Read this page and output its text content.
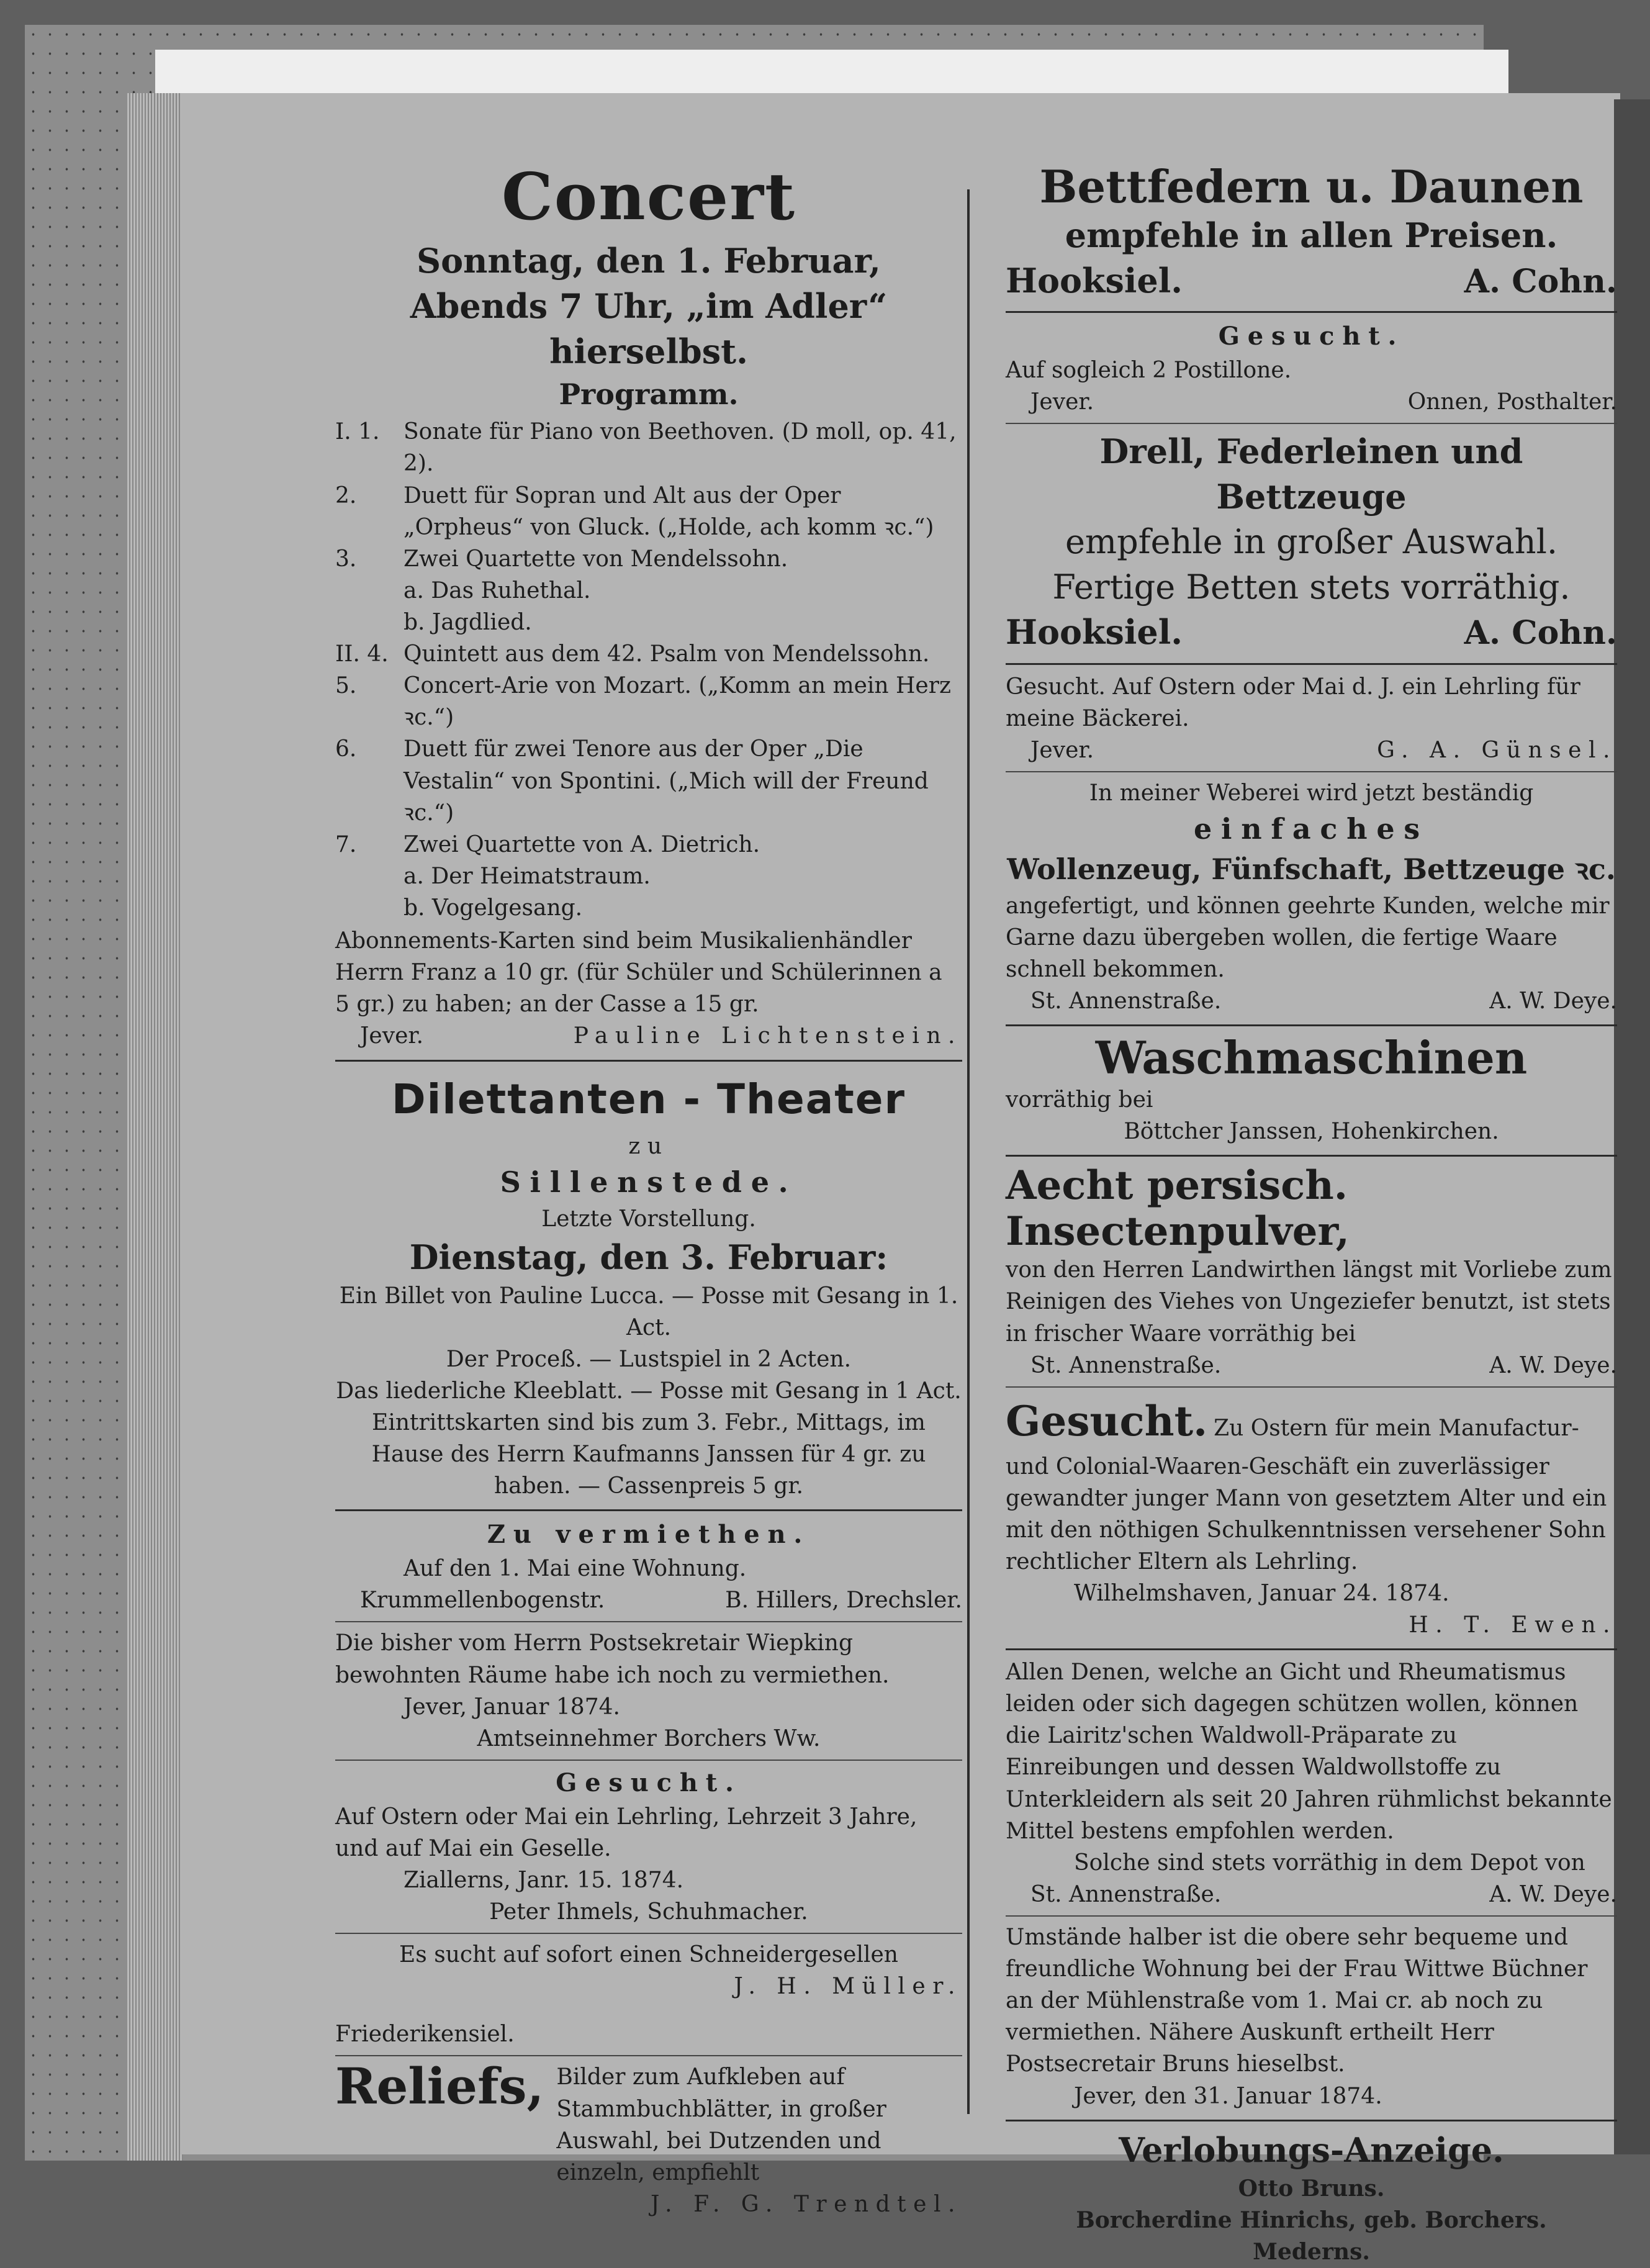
Concert
Sonntag, den 1. Februar,
Abends 7 Uhr, „im Adler“
hierselbst.
Programm.
I. 1.	Sonate für Piano von Beethoven. (D moll, op. 41, 2).
2.	Duett für Sopran und Alt aus der Oper „Orpheus“ von Gluck. („Holde, ach komm ꝛc.“)
3.	Zwei Quartette von Mendelssohn.
a. Das Ruhethal.
b. Jagdlied.
II. 4. Quintett aus dem 42. Psalm von Mendelssohn.
5.	Concert-Arie von Mozart. („Komm an mein Herz ꝛc.“)
6.	Duett für zwei Tenore aus der Oper „Die Vestalin“ von Spontini. („Mich will der Freund ꝛc.“)
7.	Zwei Quartette von A. Dietrich.
a. Der Heimatstraum.
b. Vogelgesang.
Abonnements-Karten sind beim Musikalienhändler Herrn Franz a 10 gr. (für Schüler und Schülerinnen a 5 gr.) zu haben; an der Casse a 15 gr.
Jever.	Pauline Lichtenstein.
Dilettanten - Theater
zu
Sillenstede.
Letzte Vorstellung.
Dienstag, den 3. Februar:
Ein Billet von Pauline Lucca. — Posse mit Gesang in 1. Act.
Der Proceß. — Lustspiel in 2 Acten.
Das liederliche Kleeblatt. — Posse mit Gesang in 1 Act.
Eintrittskarten sind bis zum 3. Febr., Mittags, im Hause des Herrn Kaufmanns Janssen für 4 gr. zu haben. — Cassenpreis 5 gr.
Zu vermiethen.
Auf den 1. Mai eine Wohnung.
Krummellenbogenstr.	B. Hillers, Drechsler.
Die bisher vom Herrn Postsekretair Wiepking bewohnten Räume habe ich noch zu vermiethen.
Jever, Januar 1874.
Amtseinnehmer Borchers Ww.
Gesucht.
Auf Ostern oder Mai ein Lehrling, Lehrzeit 3 Jahre, und auf Mai ein Geselle.
Ziallerns, Janr. 15. 1874.
Peter Ihmels, Schuhmacher.
Es sucht auf sofort einen Schneidergesellen
J. H. Müller.
Friederikensiel.
Reliefs, Bilder zum Aufkleben auf Stammbuchblätter, in großer Auswahl, bei Dutzenden und einzeln, empfiehlt
J. F. G. Trendtel.
Bettfedern u. Daunen
empfehle in allen Preisen.
Hooksiel.	A. Cohn.
Gesucht.
Auf sogleich 2 Postillone.
Jever.	Onnen, Posthalter.
Drell, Federleinen und
Bettzeuge
empfehle in großer Auswahl. Fertige Betten stets vorräthig.
Hooksiel.	A. Cohn.
Gesucht. Auf Ostern oder Mai d. J. ein Lehrling für meine Bäckerei.
Jever.	G. A. Günsel.
In meiner Weberei wird jetzt beständig
einfaches
Wollenzeug, Fünfschaft, Bettzeuge ꝛc.
angefertigt, und können geehrte Kunden, welche mir Garne dazu übergeben wollen, die fertige Waare schnell bekommen.
St. Annenstraße.	A. W. Deye.
Waschmaschinen
vorräthig bei
Böttcher Janssen, Hohenkirchen.
Aecht persisch. Insectenpulver,
von den Herren Landwirthen längst mit Vorliebe zum Reinigen des Viehes von Ungeziefer benutzt, ist stets in frischer Waare vorräthig bei
St. Annenstraße.	A. W. Deye.
Gesucht. Zu Ostern für mein Manufactur- und Colonial-Waaren-Geschäft ein zuverlässiger gewandter junger Mann von gesetztem Alter und ein mit den nöthigen Schulkenntnissen versehener Sohn rechtlicher Eltern als Lehrling.
Wilhelmshaven, Januar 24. 1874.
H. T. Ewen.
Allen Denen, welche an Gicht und Rheumatismus leiden oder sich dagegen schützen wollen, können die Lairitz'schen Waldwoll-Präparate zu Einreibungen und dessen Waldwollstoffe zu Unterkleidern als seit 20 Jahren rühmlichst bekannte Mittel bestens empfohlen werden.
Solche sind stets vorräthig in dem Depot von
St. Annenstraße.	A. W. Deye.
Umstände halber ist die obere sehr bequeme und freundliche Wohnung bei der Frau Wittwe Büchner an der Mühlenstraße vom 1. Mai cr. ab noch zu vermiethen. Nähere Auskunft ertheilt Herr Postsecretair Bruns hieselbst.
Jever, den 31. Januar 1874.
Verlobungs-Anzeige.
Otto Bruns.
Borcherdine Hinrichs, geb. Borchers.
Mederns.
